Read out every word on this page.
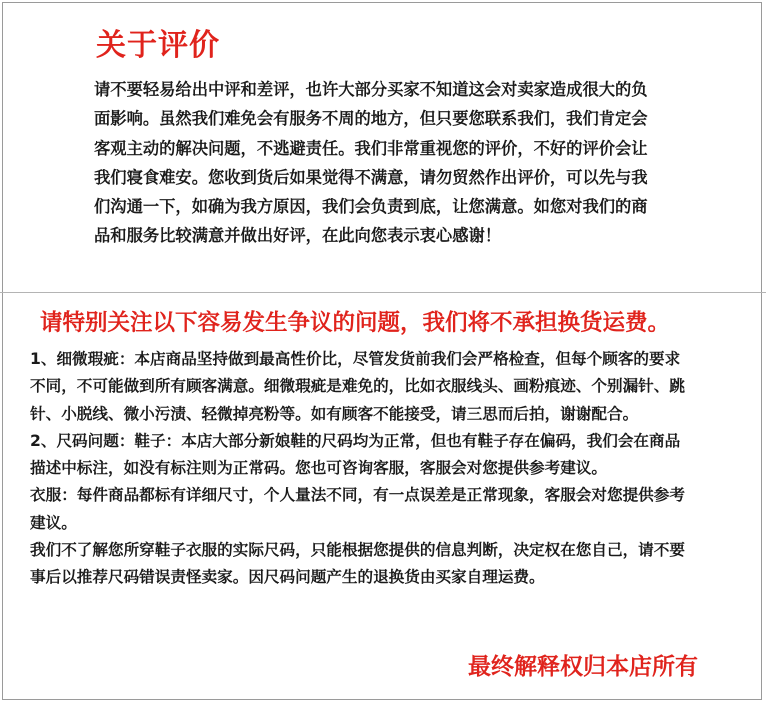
关于评价
请不要轻易给出中评和差评，也许大部分买家不知道这会对卖家造成很大的负
面影响。虽然我们难免会有服务不周的地方，但只要您联系我们，我们肯定会
客观主动的解决问题，不逃避责任。我们非常重视您的评价，不好的评价会让
我们寝食难安。您收到货后如果觉得不满意，请勿贸然作出评价，可以先与我
们沟通一下，如确为我方原因，我们会负责到底，让您满意。如您对我们的商
品和服务比较满意并做出好评，在此向您表示衷心感谢！
请特别关注以下容易发生争议的问题，我们将不承担换货运费。
1、细微瑕疵：本店商品坚持做到最高性价比，尽管发货前我们会严格检查，但每个顾客的要求
不同，不可能做到所有顾客满意。细微瑕疵是难免的，比如衣服线头、画粉痕迹、个别漏针、跳
针、小脱线、微小污渍、轻微掉亮粉等。如有顾客不能接受，请三思而后拍，谢谢配合。
2、尺码问题：鞋子：本店大部分新娘鞋的尺码均为正常，但也有鞋子存在偏码，我们会在商品
描述中标注，如没有标注则为正常码。您也可咨询客服，客服会对您提供参考建议。
衣服：每件商品都标有详细尺寸，个人量法不同，有一点误差是正常现象，客服会对您提供参考
建议。
我们不了解您所穿鞋子衣服的实际尺码，只能根据您提供的信息判断，决定权在您自己，请不要
事后以推荐尺码错误责怪卖家。因尺码问题产生的退换货由买家自理运费。
最终解释权归本店所有
